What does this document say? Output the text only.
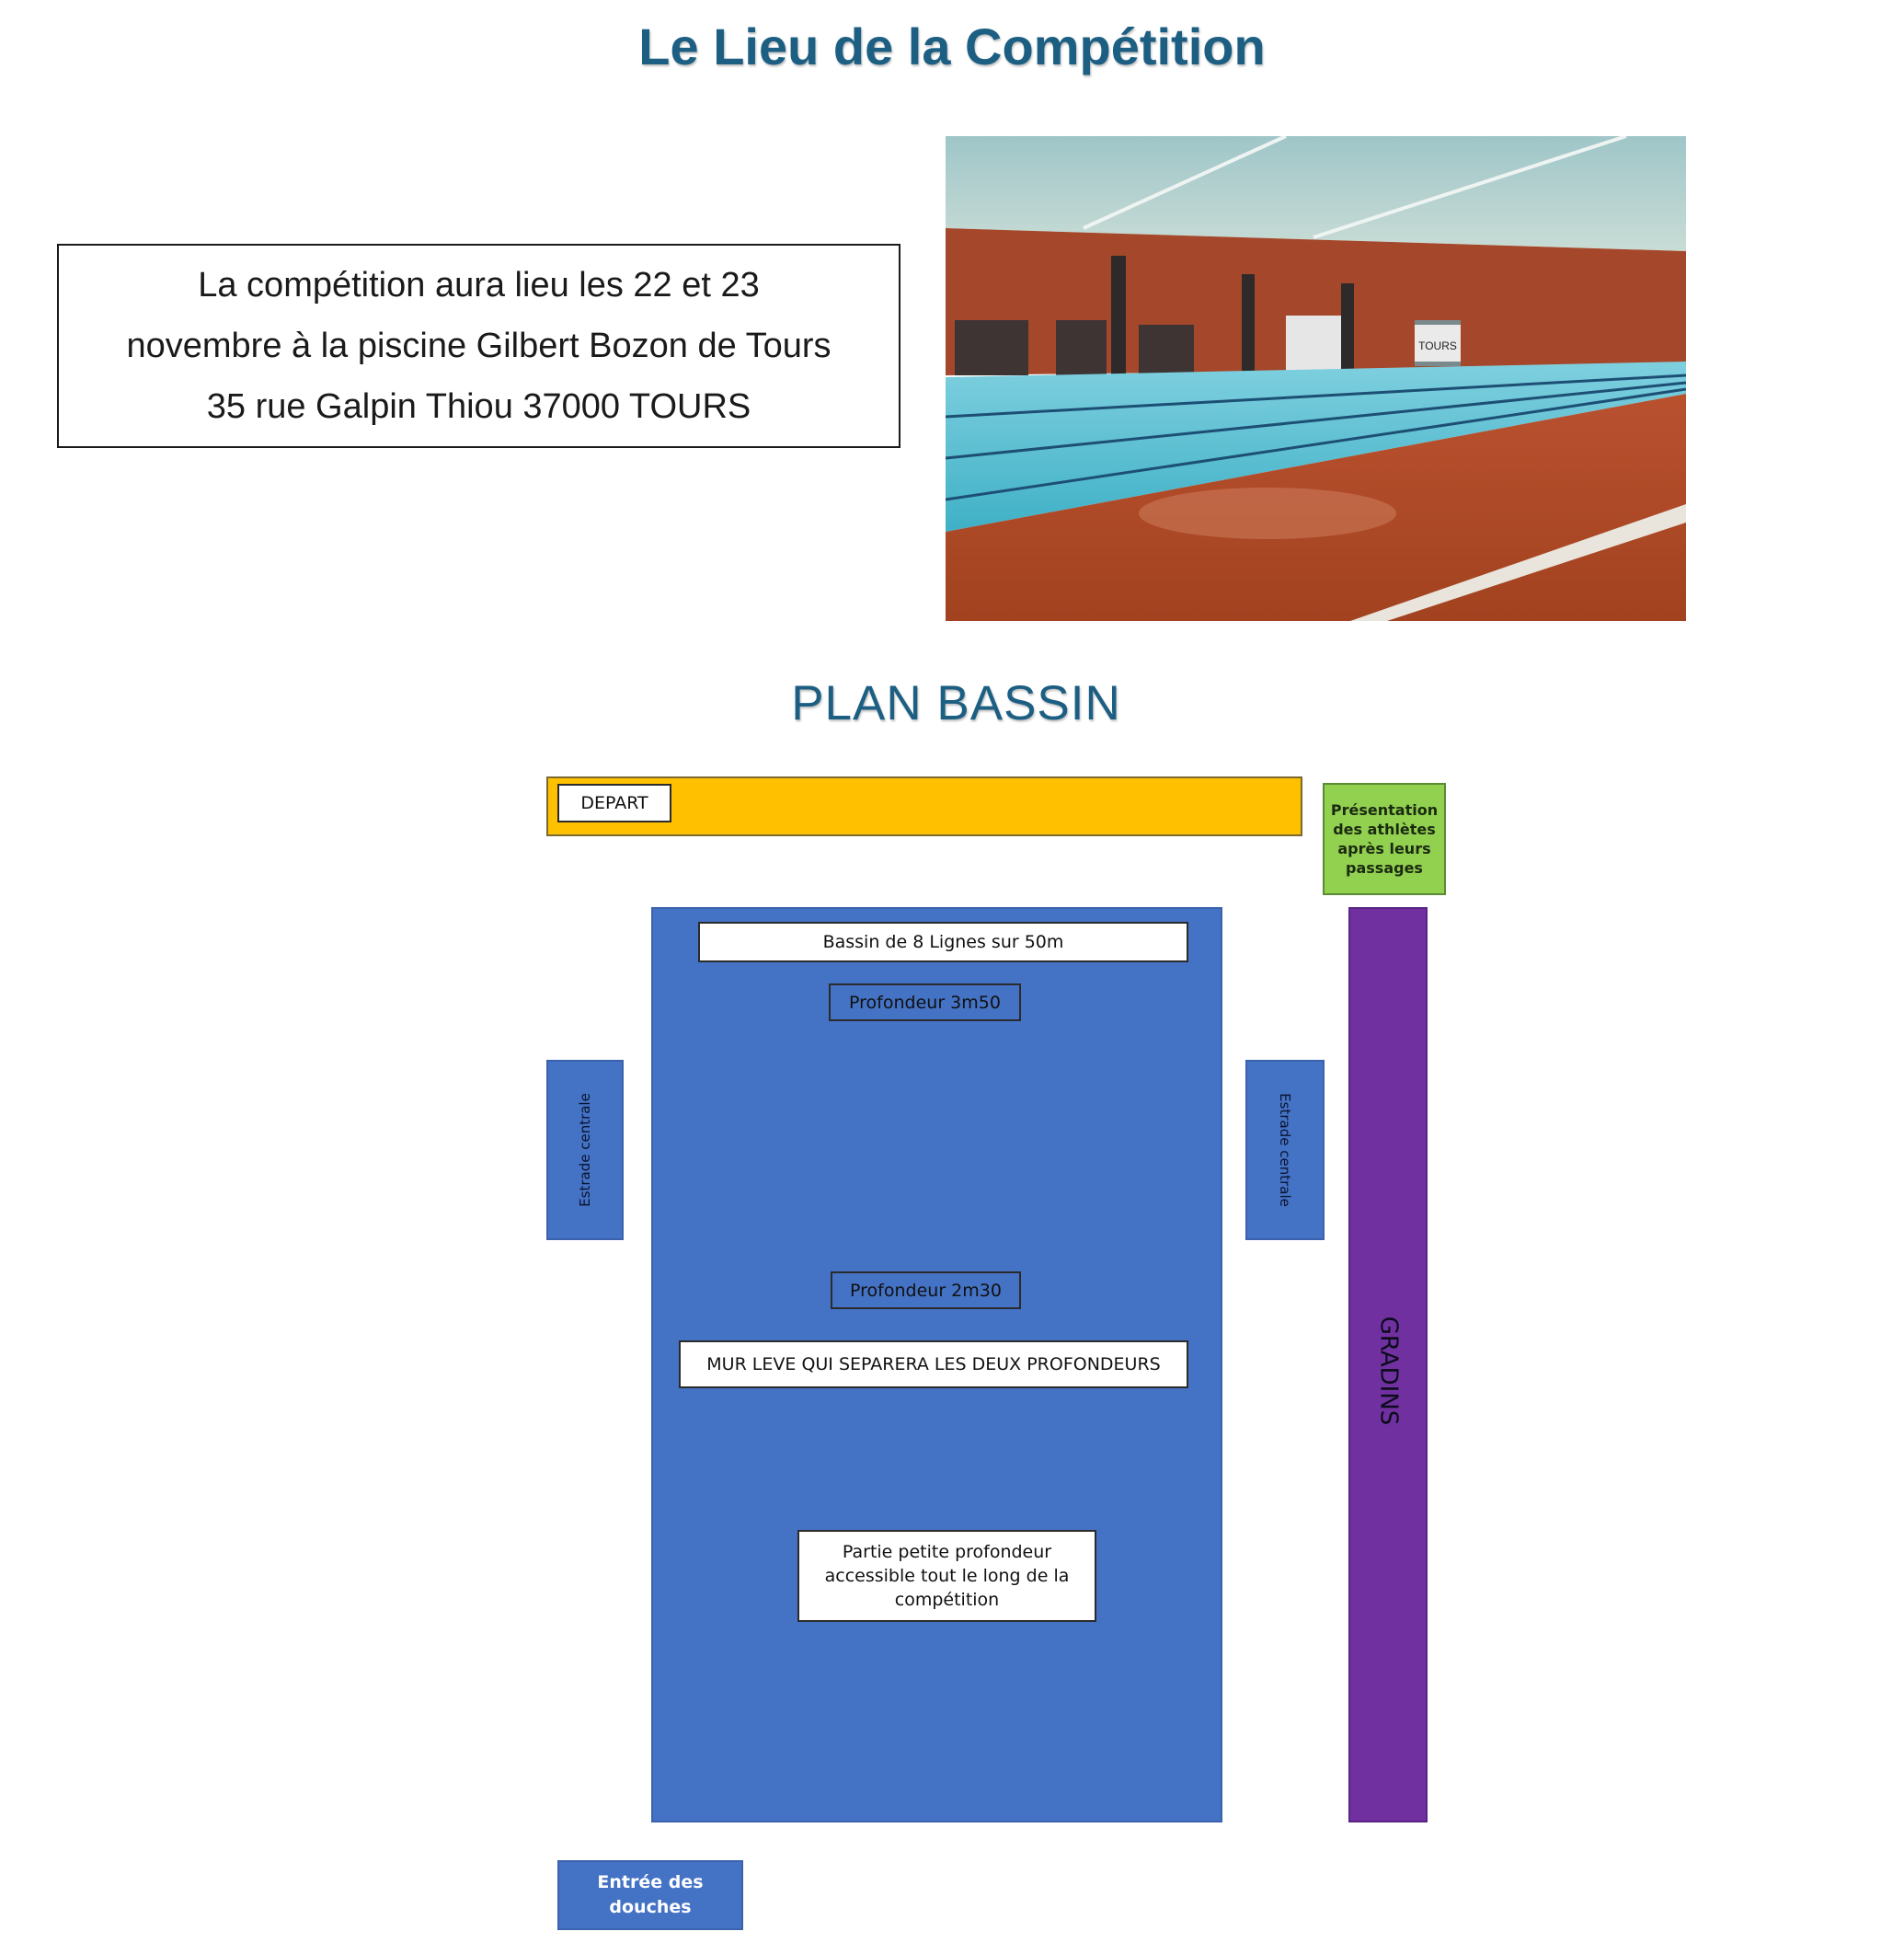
Le Lieu de la Compétition
La compétition aura lieu les 22 et 23
novembre à la piscine Gilbert Bozon de Tours
35 rue Galpin Thiou 37000 TOURS
TOURS
PLAN BASSIN
DEPART	Présentation des athlètes après leurs passages
GRADINS
Estrade centrale	Estrade centrale
Bassin de 8 Lignes sur 50m
Profondeur 3m50
Profondeur 2m30
MUR LEVE QUI SEPARERA LES DEUX PROFONDEURS
Partie petite profondeur accessible tout le long de la compétition
Entrée des douches
